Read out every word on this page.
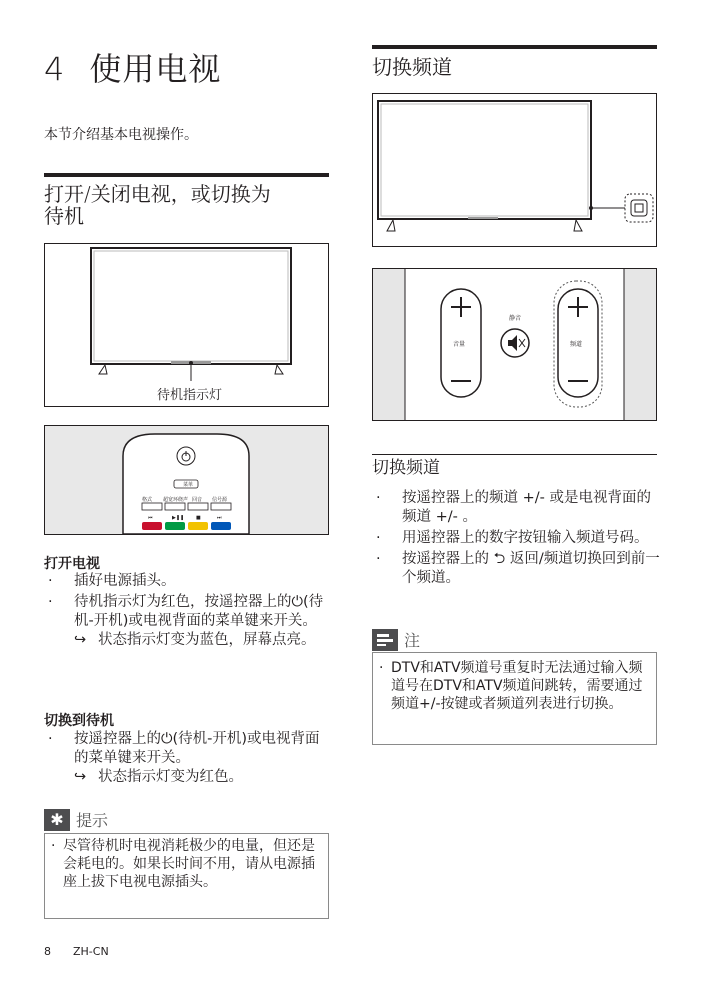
4 使用电视
本节介绍基本电视操作。
打开/关闭电视，或切换为
待机
待机指示灯
⏮	▶❚❚ ■	⏭
菜单
格式 超宽环绕声 回音 信号源
打开电视
· 插好电源插头。
· 待机指示灯为红色，按遥控器上的⏻(待机-开机)或电视背面的菜单键来开关。
↪ 状态指示灯变为蓝色，屏幕点亮。
切换到待机
· 按遥控器上的⏻(待机-开机)或电视背面的菜单键来开关。
↪ 状态指示灯变为红色。
✱ 提示
· 尽管待机时电视消耗极少的电量，但还是会耗电的。如果长时间不用，请从电源插座上拔下电视电源插头。
8 ZH-CN
切换频道
音量
静音
频道
切换频道
· 按遥控器上的频道 +/- 或是电视背面的 频道 +/- 。
· 用遥控器上的数字按钮输入频道号码。
· 按遥控器上的 ⮌ 返回/频道切换回到前一个频道。
注
· DTV和ATV频道号重复时无法通过输入频道号在DTV和ATV频道间跳转，需要通过频道+/-按键或者频道列表进行切换。
